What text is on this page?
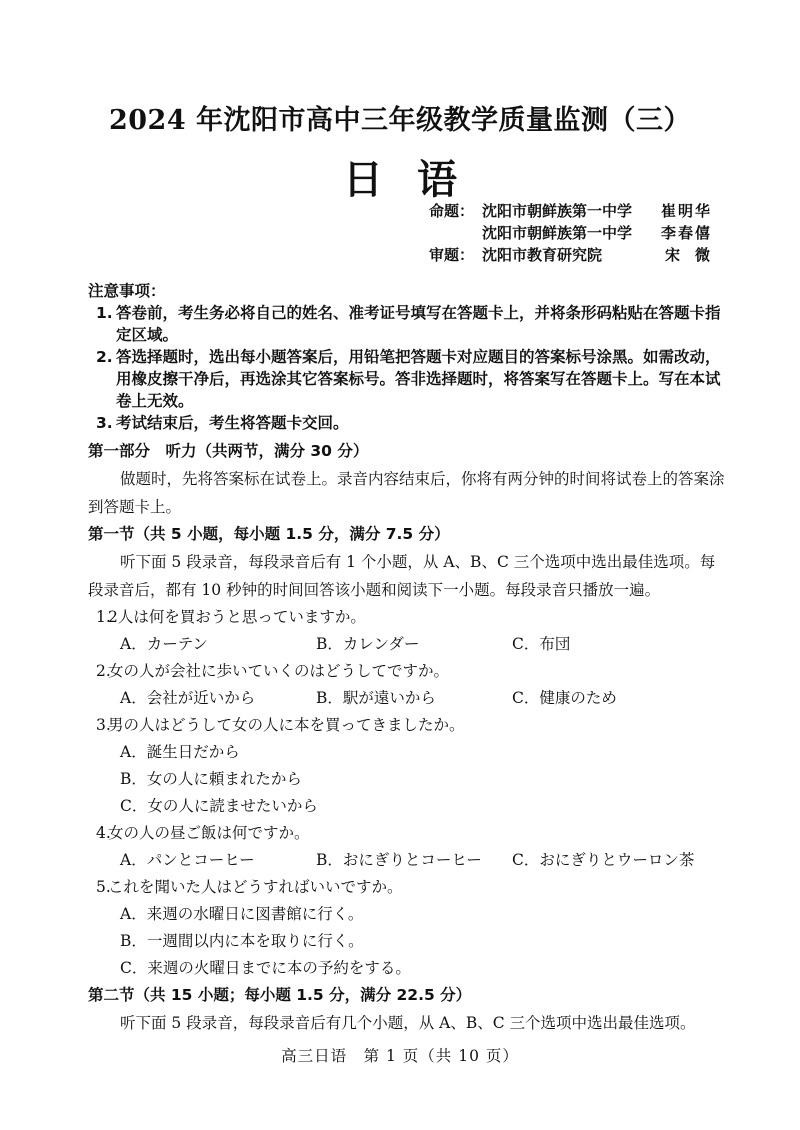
2024 年沈阳市高中三年级教学质量监测（三）
日语
命题： 沈阳市朝鲜族第一中学 崔明华
沈阳市朝鲜族第一中学 李春僖
审题： 沈阳市教育研究院	宋微
注意事项：
1. 答卷前，考生务必将自己的姓名、准考证号填写在答题卡上，并将条形码粘贴在答题卡指定区域。
2. 答选择题时，选出每小题答案后，用铅笔把答题卡对应题目的答案标号涂黑。如需改动，用橡皮擦干净后，再选涂其它答案标号。答非选择题时，将答案写在答题卡上。写在本试卷上无效。
3. 考试结束后，考生将答题卡交回。
第一部分　听力（共两节，满分 30 分）
做题时，先将答案标在试卷上。录音内容结束后，你将有两分钟的时间将试卷上的答案涂到答题卡上。
第一节（共 5 小题，每小题 1.5 分，满分 7.5 分）
听下面 5 段录音，每段录音后有 1 个小题，从 A、B、C 三个选项中选出最佳选项。每段录音后，都有 10 秒钟的时间回答该小题和阅读下一小题。每段录音只播放一遍。
1.
2人は何を買おうと思っていますか。
A．カーテン	B．カレンダー	C．布団
2.
女の人が会社に歩いていくのはどうしてですか。
A．会社が近いから	B．駅が遠いから	C．健康のため
3.
男の人はどうして女の人に本を買ってきましたか。
A．誕生日だから
B．女の人に頼まれたから
C．女の人に読ませたいから
4.
女の人の昼ご飯は何ですか。
A．パンとコーヒー	B．おにぎりとコーヒー C．おにぎりとウーロン茶
5.
これを聞いた人はどうすればいいですか。
A．来週の水曜日に図書館に行く。
B．一週間以内に本を取りに行く。
C．来週の火曜日までに本の予約をする。
第二节（共 15 小题；每小题 1.5 分，满分 22.5 分）
听下面 5 段录音，每段录音后有几个小题，从 A、B、C 三个选项中选出最佳选项。
高三日语　第 1 页（共 10 页）
